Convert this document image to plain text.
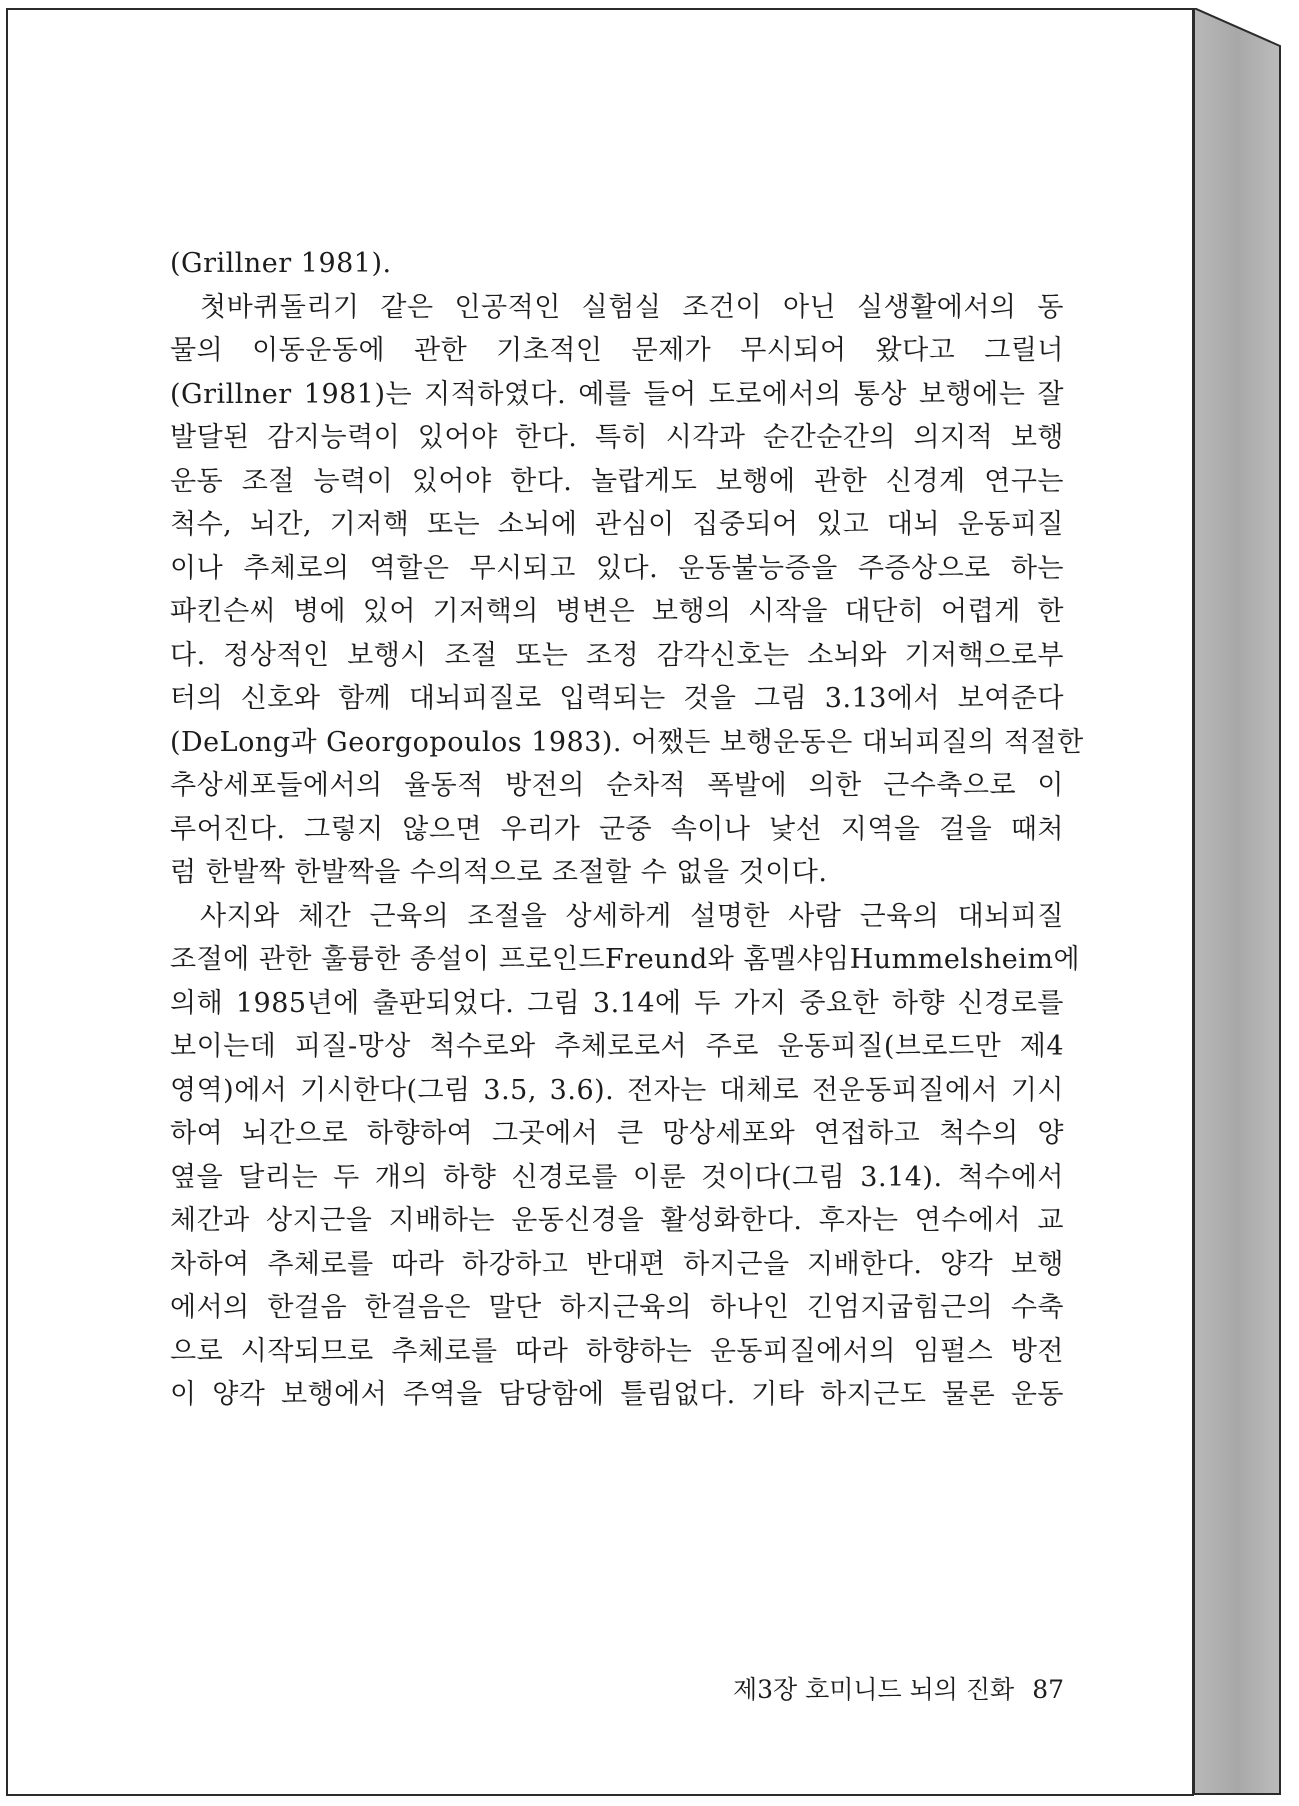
(Grillner 1981).
첫바퀴돌리기 같은 인공적인 실험실 조건이 아닌 실생활에서의 동
물의 이동운동에 관한 기초적인 문제가 무시되어 왔다고 그릴너
(Grillner 1981)는 지적하였다. 예를 들어 도로에서의 통상 보행에는 잘
발달된 감지능력이 있어야 한다. 특히 시각과 순간순간의 의지적 보행
운동 조절 능력이 있어야 한다. 놀랍게도 보행에 관한 신경계 연구는
척수, 뇌간, 기저핵 또는 소뇌에 관심이 집중되어 있고 대뇌 운동피질
이나 추체로의 역할은 무시되고 있다. 운동불능증을 주증상으로 하는
파킨슨씨 병에 있어 기저핵의 병변은 보행의 시작을 대단히 어렵게 한
다. 정상적인 보행시 조절 또는 조정 감각신호는 소뇌와 기저핵으로부
터의 신호와 함께 대뇌피질로 입력되는 것을 그림 3.13에서 보여준다
(DeLong과 Georgopoulos 1983). 어쨌든 보행운동은 대뇌피질의 적절한
추상세포들에서의 율동적 방전의 순차적 폭발에 의한 근수축으로 이
루어진다. 그렇지 않으면 우리가 군중 속이나 낯선 지역을 걸을 때처
럼 한발짝 한발짝을 수의적으로 조절할 수 없을 것이다.
사지와 체간 근육의 조절을 상세하게 설명한 사람 근육의 대뇌피질
조절에 관한 훌륭한 종설이 프로인드Freund와 홈멜샤임Hummelsheim에
의해 1985년에 출판되었다. 그림 3.14에 두 가지 중요한 하향 신경로를
보이는데 피질-망상 척수로와 추체로로서 주로 운동피질(브로드만 제4
영역)에서 기시한다(그림 3.5, 3.6). 전자는 대체로 전운동피질에서 기시
하여 뇌간으로 하향하여 그곳에서 큰 망상세포와 연접하고 척수의 양
옆을 달리는 두 개의 하향 신경로를 이룬 것이다(그림 3.14). 척수에서
체간과 상지근을 지배하는 운동신경을 활성화한다. 후자는 연수에서 교
차하여 추체로를 따라 하강하고 반대편 하지근을 지배한다. 양각 보행
에서의 한걸음 한걸음은 말단 하지근육의 하나인 긴엄지굽힘근의 수축
으로 시작되므로 추체로를 따라 하향하는 운동피질에서의 임펄스 방전
이 양각 보행에서 주역을 담당함에 틀림없다. 기타 하지근도 물론 운동
제3장 호미니드 뇌의 진화 87
